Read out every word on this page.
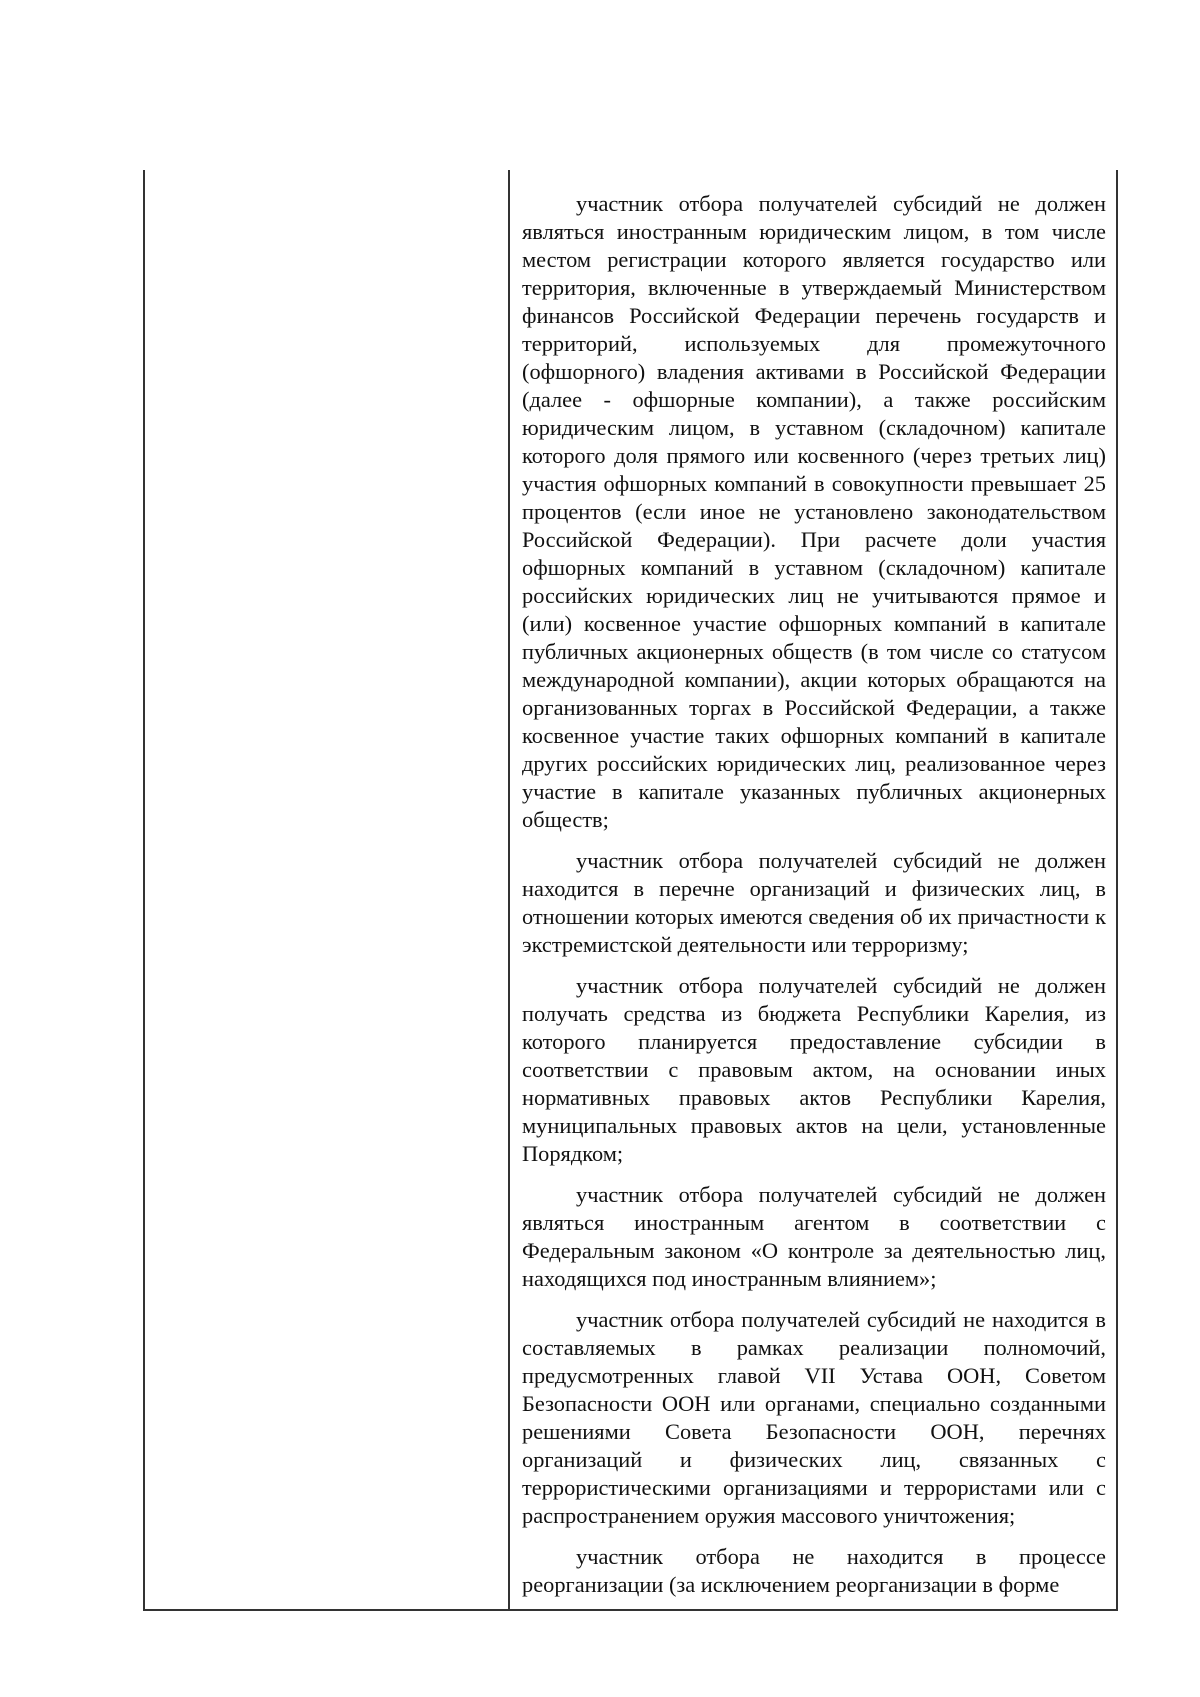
участник отбора получателей субсидий не должен являться иностранным юридическим лицом, в том числе местом регистрации которого является государство или территория, включенные в утверждаемый Министерством финансов Российской Федерации перечень государств и территорий, используемых для промежуточного (офшорного) владения активами в Российской Федерации (далее - офшорные компании), а также российским юридическим лицом, в уставном (складочном) капитале которого доля прямого или косвенного (через третьих лиц) участия офшорных компаний в совокупности превышает 25 процентов (если иное не установлено законодательством Российской Федерации). При расчете доли участия офшорных компаний в уставном (складочном) капитале российских юридических лиц не учитываются прямое и (или) косвенное участие офшорных компаний в капитале публичных акционерных обществ (в том числе со статусом международной компании), акции которых обращаются на организованных торгах в Российской Федерации, а также косвенное участие таких офшорных компаний в капитале других российских юридических лиц, реализованное через участие в капитале указанных публичных акционерных обществ;

участник отбора получателей субсидий не должен находится в перечне организаций и физических лиц, в отношении которых имеются сведения об их причастности к экстремистской деятельности или терроризму;

участник отбора получателей субсидий не должен получать средства из бюджета Республики Карелия, из которого планируется предоставление субсидии в соответствии с правовым актом, на основании иных нормативных правовых актов Республики Карелия, муниципальных правовых актов на цели, установленные Порядком;

участник отбора получателей субсидий не должен являться иностранным агентом в соответствии с Федеральным законом «О контроле за деятельностью лиц, находящихся под иностранным влиянием»;

участник отбора получателей субсидий не находится в составляемых в рамках реализации полномочий, предусмотренных главой VII Устава ООН, Советом Безопасности ООН или органами, специально созданными решениями Совета Безопасности ООН, перечнях организаций и физических лиц, связанных с террористическими организациями и террористами или с распространением оружия массового уничтожения;

участник отбора не находится в процессе реорганизации (за исключением реорганизации в форме
